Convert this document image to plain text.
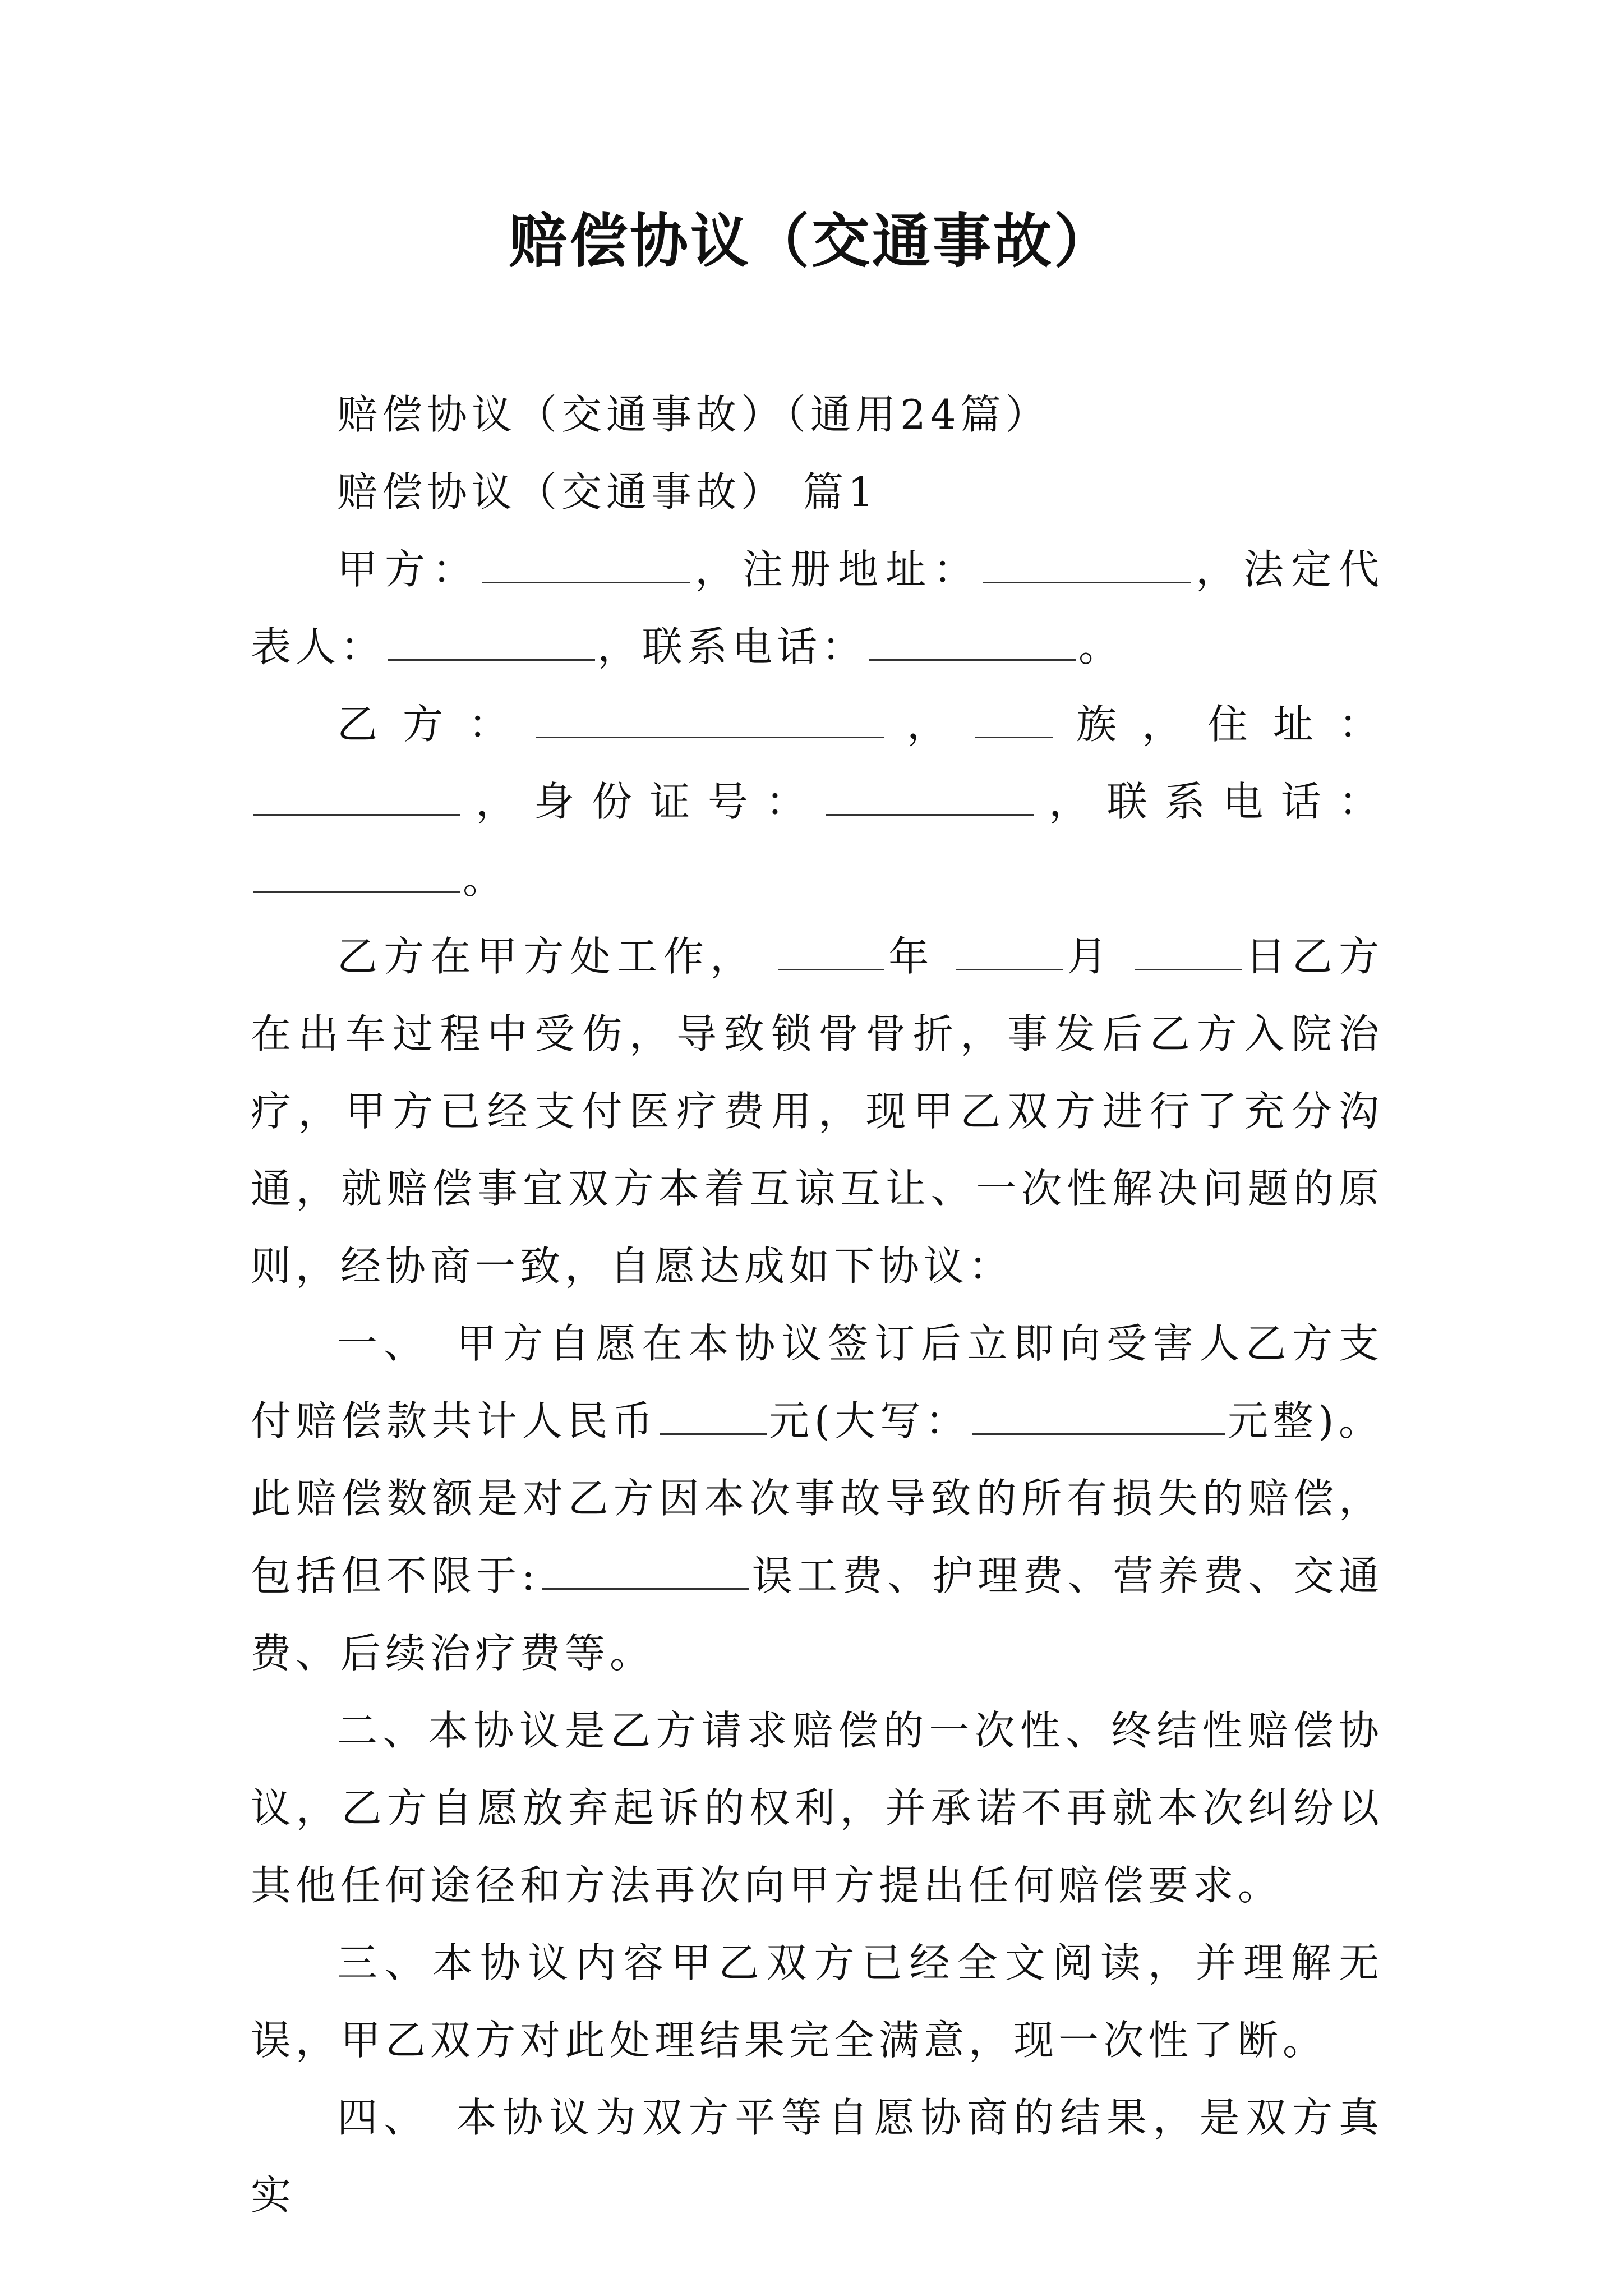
赔偿协议（交通事故）

赔偿协议（交通事故）（通用24篇）

赔偿协议（交通事故） 篇1

甲方：	，注册地址：	，法定代表人：	，联系电话：	。

乙方：	， 族，住址：，身份证号：	，联系电话：。

乙方在甲方处工作，	年	月	日乙方在出车过程中受伤，导致锁骨骨折，事发后乙方入院治疗，甲方已经支付医疗费用，现甲乙双方进行了充分沟通，就赔偿事宜双方本着互谅互让、一次性解决问题的原则，经协商一致，自愿达成如下协议：

一、　甲方自愿在本协议签订后立即向受害人乙方支付赔偿款共计人民币	元(大写：	元整)。此赔偿数额是对乙方因本次事故导致的所有损失的赔偿，包括但不限于:	误工费、护理费、营养费、交通费、后续治疗费等。

二、本协议是乙方请求赔偿的一次性、终结性赔偿协议，乙方自愿放弃起诉的权利，并承诺不再就本次纠纷以其他任何途径和方法再次向甲方提出任何赔偿要求。

三、本协议内容甲乙双方已经全文阅读，并理解无误，甲乙双方对此处理结果完全满意，现一次性了断。

四、　本协议为双方平等自愿协商的结果，是双方真实
